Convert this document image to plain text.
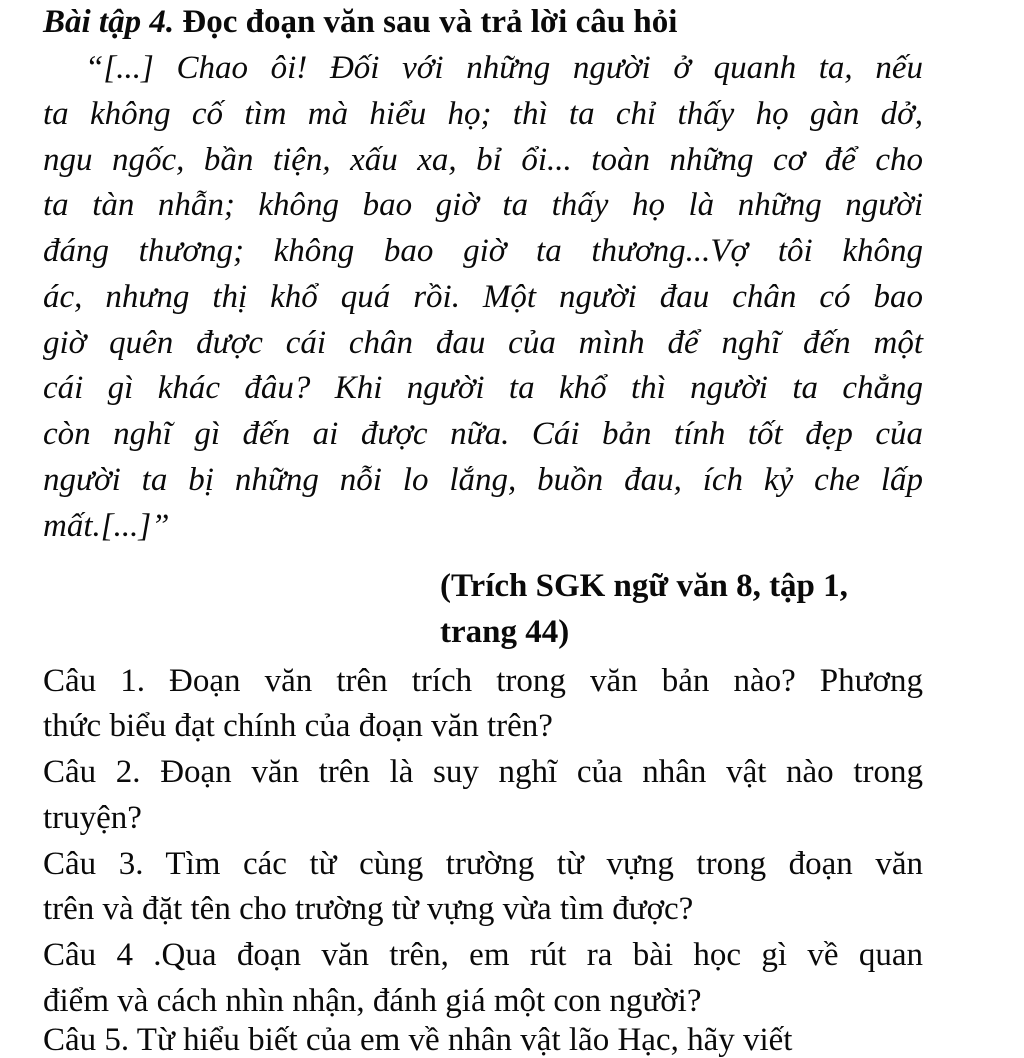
Bài tập 4. Đọc đoạn văn sau và trả lời câu hỏi
“[...] Chao ôi! Đối với những người ở quanh ta, nếu
ta không cố tìm mà hiểu họ; thì ta chỉ thấy họ gàn dở,
ngu ngốc, bần tiện, xấu xa, bỉ ổi... toàn những cơ để cho
ta tàn nhẫn; không bao giờ ta thấy họ là những người
đáng thương; không bao giờ ta thương...Vợ tôi không
ác, nhưng thị khổ quá rồi. Một người đau chân có bao
giờ quên được cái chân đau của mình để nghĩ đến một
cái gì khác đâu? Khi người ta khổ thì người ta chẳng
còn nghĩ gì đến ai được nữa. Cái bản tính tốt đẹp của
người ta bị những nỗi lo lắng, buồn đau, ích kỷ che lấp
mất.[...]”
(Trích SGK ngữ văn 8, tập 1,
trang 44)
Câu 1. Đoạn văn trên trích trong văn bản nào? Phương
thức biểu đạt chính của đoạn văn trên?
Câu 2. Đoạn văn trên là suy nghĩ của nhân vật nào trong
truyện?
Câu 3. Tìm các từ cùng trường từ vựng trong đoạn văn
trên và đặt tên cho trường từ vựng vừa tìm được?
Câu 4 .Qua đoạn văn trên, em rút ra bài học gì về quan
điểm và cách nhìn nhận, đánh giá một con người?
Câu 5. Từ hiểu biết của em về nhân vật lão Hạc, hãy viết
